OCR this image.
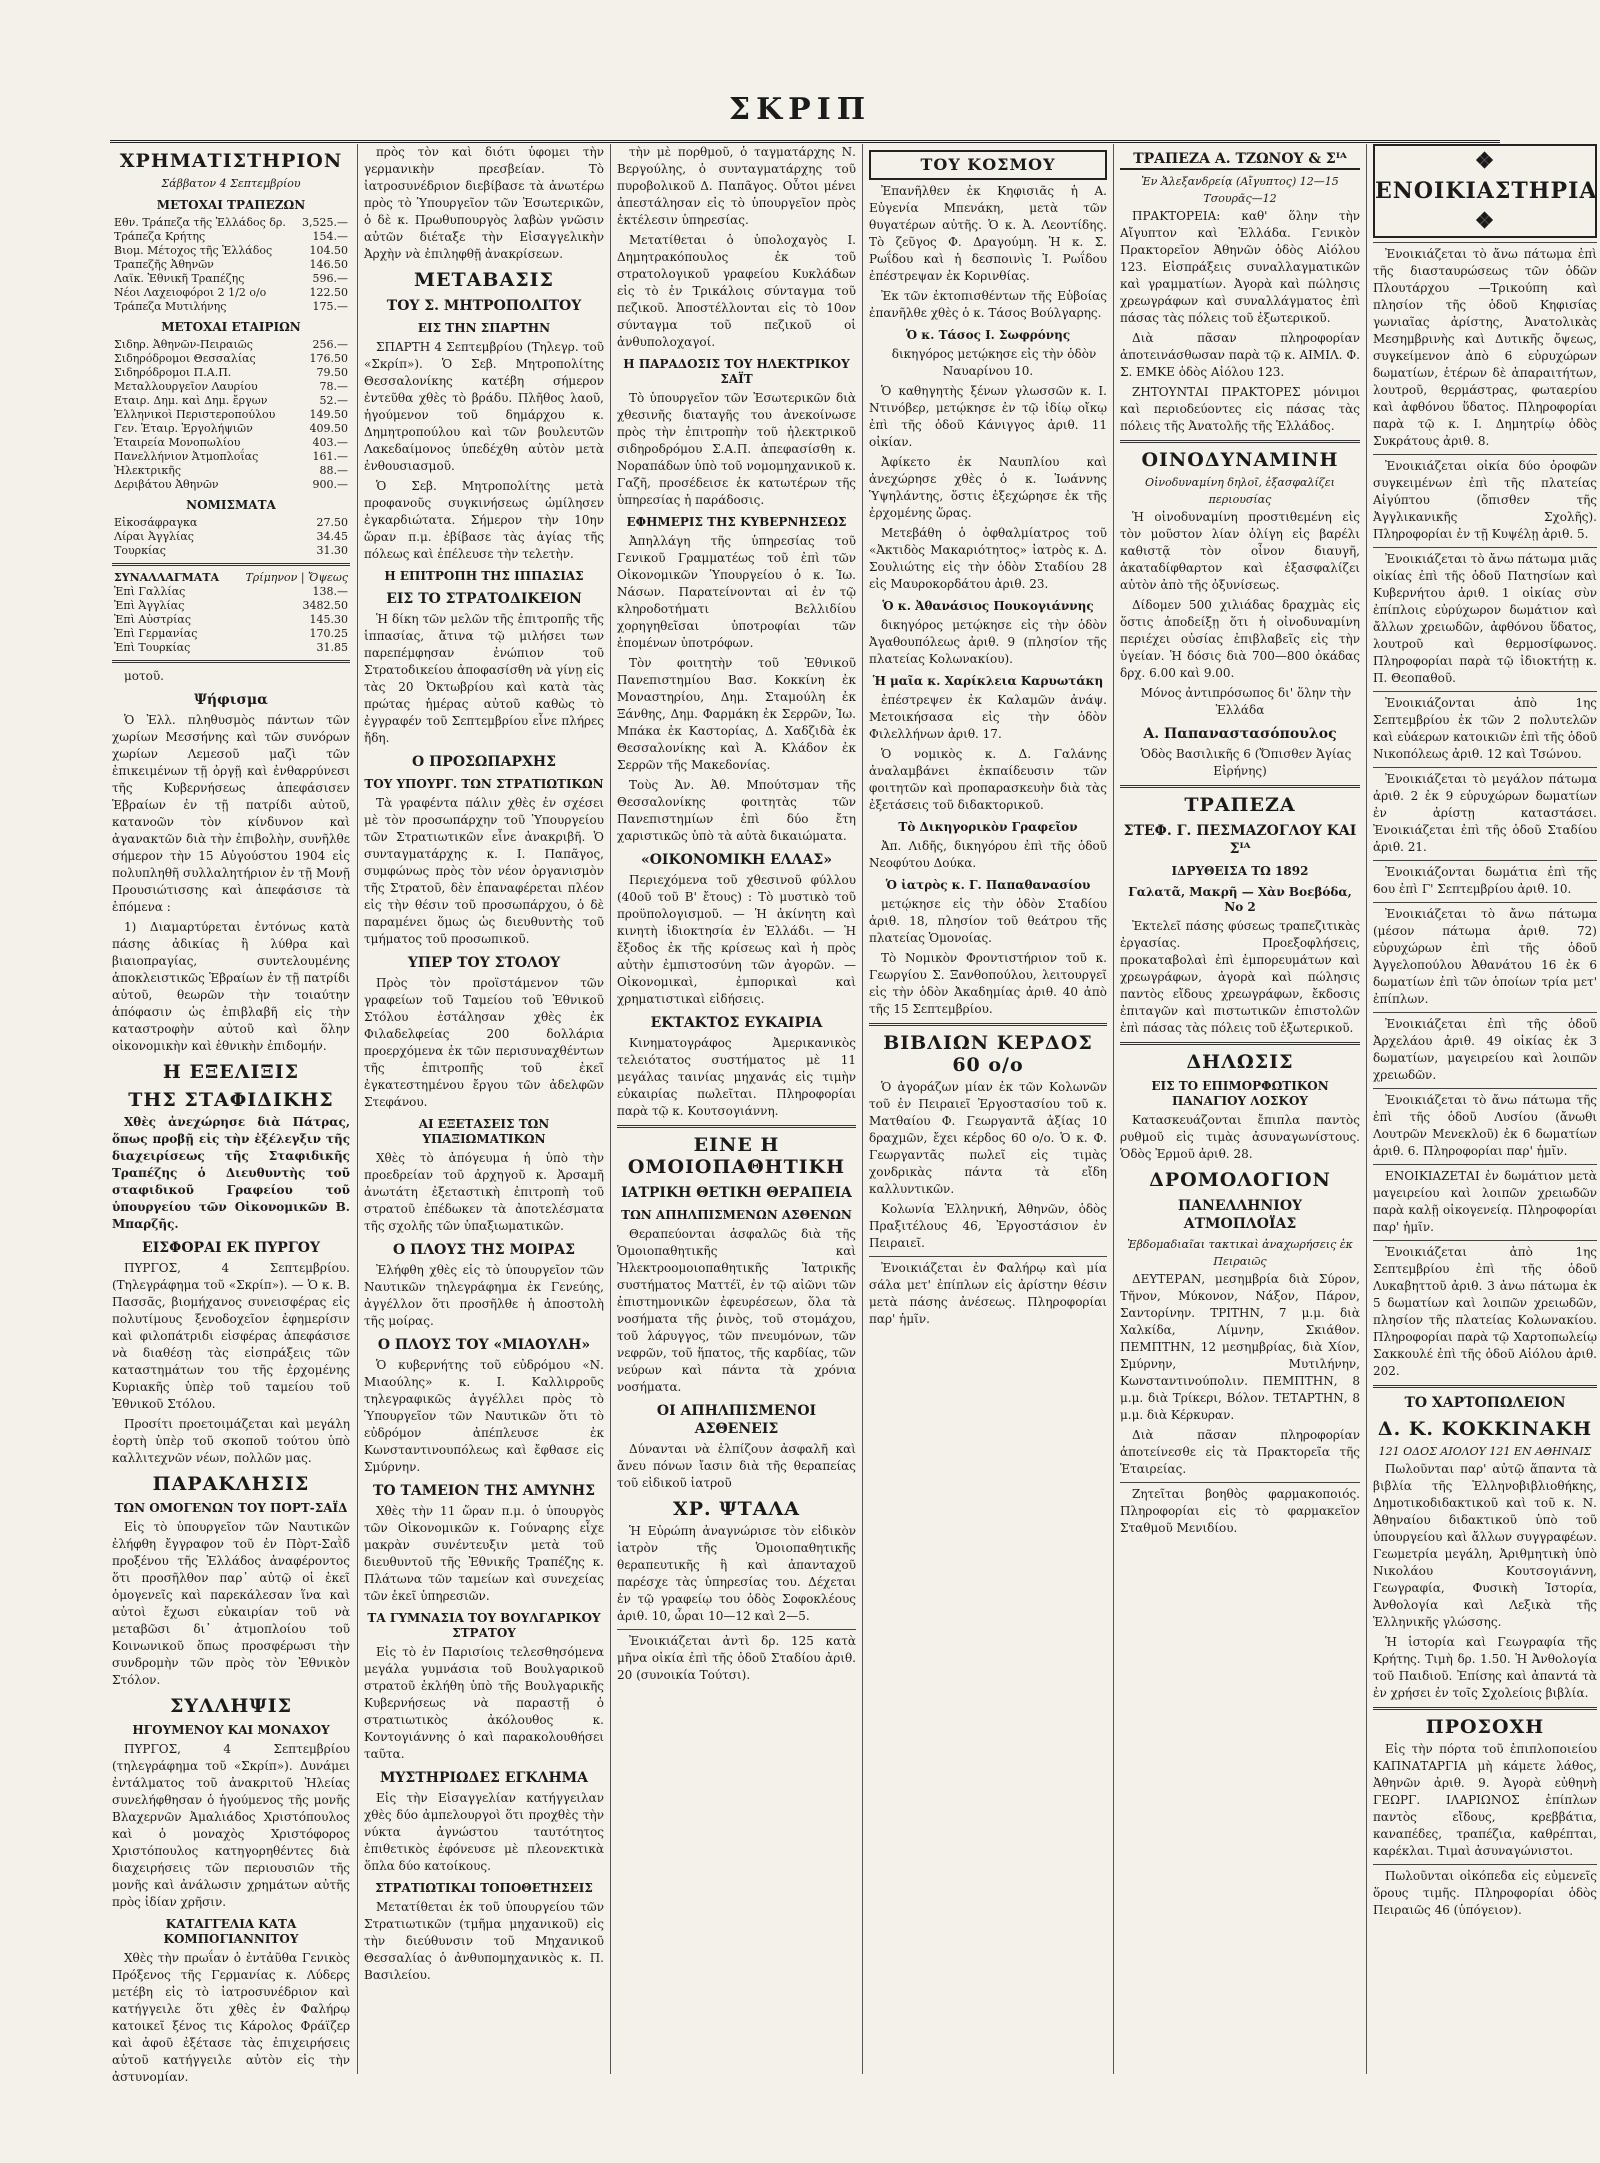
ΣΚΡΙΠ
ΧΡΗΜΑΤΙΣΤΗΡΙΟΝ
Σάββατον 4 Σεπτεμβρίου
ΜΕΤΟΧΑΙ ΤΡΑΠΕΖΩΝ
Εθν. Τράπεζα τῆς Ἑλλάδος δρ.	3,525.—
Τράπεζα Κρήτης	154.—
Βιομ. Μέτοχος τῆς Ἑλλάδος	104.50
Τραπεζῆς Ἀθηνῶν	146.50
Λαϊκ. Ἐθνικῆ Τραπέζης	596.—
Νέοι Λαχειοφόροι 2 1/2 ο/ο	122.50
Τράπεζα Μυτιλήνης	175.—
ΜΕΤΟΧΑΙ ΕΤΑΙΡΙΩΝ
Σιδηρ. Ἀθηνῶν-Πειραιῶς	256.—
Σιδηρόδρομοι Θεσσαλίας	176.50
Σιδηρόδρομοι Π.Α.Π.	79.50
Μεταλλουργεῖον Λαυρίου	78.—
Εταιρ. Δημ. καὶ Δημ. ἔργων	52.—
Ἑλληνικοὶ Περιστεροπούλου	149.50
Γεν. Ἑταιρ. Ἐργολήψιῶν	409.50
Ἑταιρεία Μονοπωλίου	403.—
Πανελλήνιον Ἀτμοπλοΐας	161.—
Ἠλεκτρικῆς	88.—
Δεριβάτου Ἀθηνῶν	900.—
ΝΟΜΙΣΜΑΤΑ
Εἰκοσάφραγκα	27.50
Λίραι Ἀγγλίας	34.45
Τουρκίας	31.30
ΣΥΝΑΛΛΑΓΜΑΤΑ	Τρίμηνον | Ὄψεως
Ἐπὶ Γαλλίας	138.—
Ἐπὶ Ἀγγλίας	3482.50
Ἐπὶ Αὐστρίας	145.30
Ἐπὶ Γερμανίας	170.25
Ἐπὶ Τουρκίας	31.85

μοτοῦ.

Ψήφισμα

Ὁ Ἐλλ. πληθυσμὸς πάντων τῶν χωρίων Μεσσήνης καὶ τῶν συνόρων χωρίων Λεμεσοῦ μαζὶ τῶν ἐπικειμένων τῇ ὀργῇ καὶ ἐνθαρρύνεσι τῆς Κυβερνήσεως ἀπεφάσισεν Ἑβραίων ἐν τῇ πατρίδι αὐτοῦ, κατανοῶν τὸν κίνδυνον καὶ ἀγανακτῶν διὰ τὴν ἐπιβολὴν, συνῆλθε σήμερον τὴν 15 Αὐγούστου 1904 εἰς πολυπληθῆ συλλαλητήριον ἐν τῇ Μονῇ Προυσιώτισσης καὶ ἀπεφάσισε τὰ ἑπόμενα :

1) Διαμαρτύρεται ἐντόνως κατὰ πάσης ἀδικίας ἢ λύθρα καὶ βιαιοπραγίας, συντελουμένης ἀποκλειστικῶς Ἑβραίων ἐν τῇ πατρίδι αὐτοῦ, θεωρῶν τὴν τοιαύτην ἀπόφασιν ὡς ἐπιβλαβῆ εἰς τὴν καταστροφὴν αὐτοῦ καὶ ὅλην οἰκονομικὴν καὶ ἐθνικὴν ἐπιδομήν.

Η ΕΞΕΛΙΞΙΣ
ΤΗΣ ΣΤΑΦΙΔΙΚΗΣ

Χθὲς ἀνεχώρησε διὰ Πάτρας, ὅπως προβῇ εἰς τὴν ἐξέλεγξιν τῆς διαχειρίσεως τῆς Σταφιδικῆς Τραπέζης ὁ Διευθυντὴς τοῦ σταφιδικοῦ Γραφείου τοῦ ὑπουργείου τῶν Οἰκονομικῶν Β. Μπαρζῆς.

ΕΙΣΦΟΡΑΙ ΕΚ ΠΥΡΓΟΥ

ΠΥΡΓΟΣ, 4 Σεπτεμβρίου. (Τηλεγράφημα τοῦ «Σκρίπ»). — Ὁ κ. Β. Πασσᾶς, βιομήχανος συνεισφέρας εἰς πολυτίμους ξενοδοχεῖον ἐφημερίσιν καὶ φιλοπάτριδι εἰσφέρας ἀπεφάσισε νὰ διαθέσῃ τὰς εἰσπράξεις τῶν καταστημάτων του τῆς ἐρχομένης Κυριακῆς ὑπὲρ τοῦ ταμείου τοῦ Ἐθνικοῦ Στόλου.

Προσίτι προετοιμάζεται καὶ μεγάλη ἐορτὴ ὑπὲρ τοῦ σκοποῦ τούτου ὑπὸ καλλιτεχνῶν νέων, πολλῶν μας.

ΠΑΡΑΚΛΗΣΙΣ
ΤΩΝ ΟΜΟΓΕΝΩΝ ΤΟΥ ΠΟΡΤ-ΣΑΪΔ

Εἰς τὸ ὑπουργεῖον τῶν Ναυτικῶν ἐλήφθη ἔγγραφον τοῦ ἐν Πὸρτ-Σαῒδ προξένου τῆς Ἑλλάδος ἀναφέροντος ὅτι προσῆλθον παρ᾽ αὐτῷ οἱ ἐκεῖ ὁμογενεῖς καὶ παρεκάλεσαν ἵνα καὶ αὐτοὶ ἔχωσι εὐκαιρίαν τοῦ νὰ μεταβῶσι δι᾽ ἀτμοπλοίου τοῦ Κοινωνικοῦ ὅπως προσφέρωσι τὴν συνδρομὴν τῶν πρὸς τὸν Ἐθνικὸν Στόλον.

ΣΥΛΛΗΨΙΣ
ΗΓΟΥΜΕΝΟΥ ΚΑΙ ΜΟΝΑΧΟΥ

ΠΥΡΓΟΣ, 4 Σεπτεμβρίου (τηλεγράφημα τοῦ «Σκρίπ»). Δυνάμει ἐντάλματος τοῦ ἀνακριτοῦ Ἠλείας συνελήφθησαν ὁ ἡγούμενος τῆς μονῆς Βλαχερνῶν Ἀμαλιάδος Χριστόπουλος καὶ ὁ μοναχὸς Χριστόφορος Χριστόπουλος κατηγορηθέντες διὰ διαχειρήσεις τῶν περιουσιῶν τῆς μονῆς καὶ ἀνάλωσιν χρημάτων αὐτῆς πρὸς ἰδίαν χρῆσιν.

ΚΑΤΑΓΓΕΛΙΑ ΚΑΤΑ ΚΟΜΠΟΓΙΑΝΝΙΤΟΥ

Χθὲς τὴν πρωΐαν ὁ ἐντἀῦθα Γενικὸς Πρόξενος τῆς Γερμανίας κ. Λύδερς μετέβη εἰς τὸ ἰατροσυνέδριον καὶ κατήγγειλε ὅτι χθὲς ἐν Φαλήρῳ κατοικεῖ ξένος τις Κάρολος Φράϊζερ καὶ ἀφοῦ ἐξέτασε τὰς ἐπιχειρήσεις αὐτοῦ κατήγγειλε αὐτὸν εἰς τὴν ἀστυνομίαν.

πρὸς τὸν καὶ διότι ὑφομει τὴν γερμανικὴν πρεσβείαν. Τὸ ἰατροσυνέδριον διεβίβασε τὰ ἀνωτέρω πρὸς τὸ Ὑπουργεῖον τῶν Ἐσωτερικῶν, ὁ δὲ κ. Πρωθυπουργὸς λαβὼν γνῶσιν αὐτῶν διέταξε τὴν Εἰσαγγελικὴν Ἀρχὴν νὰ ἐπιληφθῇ ἀνακρίσεων.

ΜΕΤΑΒΑΣΙΣ
ΤΟΥ Σ. ΜΗΤΡΟΠΟΛΙΤΟΥ
ΕΙΣ ΤΗΝ ΣΠΑΡΤΗΝ

ΣΠΑΡΤΗ 4 Σεπτεμβρίου (Τηλεγρ. τοῦ «Σκρίπ»). Ὁ Σεβ. Μητροπολίτης Θεσσαλονίκης κατέβη σήμερον ἐντεῦθα χθὲς τὸ βράδυ. Πλῆθος λαοῦ, ἡγούμενον τοῦ δημάρχου κ. Δημητροπούλου καὶ τῶν βουλευτῶν Λακεδαίμονος ὑπεδέχθη αὐτὸν μετὰ ἐνθουσιασμοῦ.

Ὁ Σεβ. Μητροπολίτης μετὰ προφανοῦς συγκινήσεως ὡμίλησεν ἐγκαρδιώτατα. Σήμερον τὴν 10ην ὥραν π.μ. ἐβίβασε τὰς ἁγίας τῆς πόλεως καὶ ἐπέλευσε τὴν τελετὴν.

Η ΕΠΙΤΡΟΠΗ ΤΗΣ ΙΠΠΑΣΙΑΣ
ΕΙΣ ΤΟ ΣΤΡΑΤΟΔΙΚΕΙΟΝ

Ἡ δίκη τῶν μελῶν τῆς ἐπιτροπῆς τῆς ἱππασίας, ἄτινα τῷ μιλήσει των παρεπέμφησαν ἐνώπιον τοῦ Στρατοδικείου ἀποφασίσθη νὰ γίνῃ εἰς τὰς 20 Ὀκτωβρίου καὶ κατὰ τὰς πρώτας ἡμέρας αὐτοῦ καθὼς τὸ ἐγγραφέν τοῦ Σεπτεμβρίου εἶνε πλήρες ἤδη.

Ο ΠΡΟΣΩΠΑΡΧΗΣ
ΤΟΥ ΥΠΟΥΡΓ. ΤΩΝ ΣΤΡΑΤΙΩΤΙΚΩΝ

Τὰ γραφέντα πάλιν χθὲς ἐν σχέσει μὲ τὸν προσωπάρχην τοῦ Ὑπουργείου τῶν Στρατιωτικῶν εἶνε ἀνακριβῆ. Ὁ συνταγματάρχης κ. Ι. Παπᾶγος, συμφώνως πρὸς τὸν νέον ὀργανισμὸν τῆς Στρατοῦ, δὲν ἐπαναφέρεται πλέον εἰς τὴν θέσιν τοῦ προσωπάρχου, ὁ δὲ παραμένει ὅμως ὡς διευθυντὴς τοῦ τμήματος τοῦ προσωπικοῦ.

ΥΠΕΡ ΤΟΥ ΣΤΟΛΟΥ

Πρὸς τὸν προϊστάμενον τῶν γραφείων τοῦ Ταμείου τοῦ Ἐθνικοῦ Στόλου ἐστάλησαν χθὲς ἐκ Φιλαδελφείας 200 δολλάρια προερχόμενα ἐκ τῶν περισυναχθέντων τῆς ἐπιτροπῆς τοῦ ἐκεῖ ἐγκατεστημένου ἔργου τῶν ἀδελφῶν Στεφάνου.

ΑΙ ΕΞΕΤΑΣΕΙΣ ΤΩΝ ΥΠΑΞΙΩΜΑΤΙΚΩΝ

Χθὲς τὸ ἀπόγευμα ἡ ὑπὸ τὴν προεδρείαν τοῦ ἀρχηγοῦ κ. Ἀρσαμῆ ἀνωτάτη ἐξεταστικὴ ἐπιτροπὴ τοῦ στρατοῦ ἐπέδωκεν τὰ ἀποτελέσματα τῆς σχολῆς τῶν ὑπαξιωματικῶν.

Ο ΠΛΟΥΣ ΤΗΣ ΜΟΙΡΑΣ

Ἐλήφθη χθὲς εἰς τὸ ὑπουργεῖον τῶν Ναυτικῶν τηλεγράφημα ἐκ Γενεύης, ἀγγέλλον ὅτι προσῆλθε ἡ ἀποστολὴ τῆς μοίρας.

Ο ΠΛΟΥΣ ΤΟΥ «ΜΙΑΟΥΛΗ»

Ὁ κυβερνήτης τοῦ εὐδρόμου «Ν. Μιαούλης» κ. Ι. Καλλιρροῦς τηλεγραφικῶς ἀγγέλλει πρὸς τὸ Ὑπουργεῖον τῶν Ναυτικῶν ὅτι τὸ εὐδρόμον ἀπέπλευσε ἐκ Κωνσταντινουπόλεως καὶ ἔφθασε εἰς Σμύρνην.

ΤΟ ΤΑΜΕΙΟΝ ΤΗΣ ΑΜΥΝΗΣ

Χθὲς τὴν 11 ὥραν π.μ. ὁ ὑπουργὸς τῶν Οἰκονομικῶν κ. Γούναρης εἶχε μακρὰν συνέντευξιν μετὰ τοῦ διευθυντοῦ τῆς Ἐθνικῆς Τραπέζης κ. Πλάτωνα τῶν ταμείων καὶ συνεχείας τῶν ἐκεῖ ὑπηρεσιῶν.

ΤΑ ΓΥΜΝΑΣΙΑ ΤΟΥ ΒΟΥΛΓΑΡΙΚΟΥ ΣΤΡΑΤΟΥ

Εἰς τὸ ἐν Παρισίοις τελεσθησόμενα μεγάλα γυμνάσια τοῦ Βουλγαρικοῦ στρατοῦ ἐκλήθη ὑπὸ τῆς Βουλγαρικῆς Κυβερνήσεως νὰ παραστῇ ὁ στρατιωτικὸς ἀκόλουθος κ. Κοντογιάννης ὁ καὶ παρακολουθήσει ταῦτα.

ΜΥΣΤΗΡΙΩΔΕΣ ΕΓΚΛΗΜΑ

Εἰς τὴν Εἰσαγγελίαν κατήγγειλαν χθὲς δύο ἀμπελουργοὶ ὅτι προχθὲς τὴν νύκτα ἀγνώστου ταυτότητος ἐπιθετικὸς ἐφόνευσε μὲ πλεονεκτικὰ ὅπλα δύο κατοίκους.

ΣΤΡΑΤΙΩΤΙΚΑΙ ΤΟΠΟΘΕΤΗΣΕΙΣ

Μετατίθεται ἐκ τοῦ ὑπουργείου τῶν Στρατιωτικῶν (τμῆμα μηχανικοῦ) εἰς τὴν διεύθυνσιν τοῦ Μηχανικοῦ Θεσσαλίας ὁ ἀνθυπομηχανικὸς κ. Π. Βασιλείου.

τὴν μὲ πορθμοῦ, ὁ ταγματάρχης Ν. Βεργούλης, ὁ συνταγματάρχης τοῦ πυροβολικοῦ Δ. Παπᾶγος. Οὗτοι μένει ἀπεστάλησαν εἰς τὸ ὑπουργεῖον πρὸς ἐκτέλεσιν ὑπηρεσίας.

Μετατίθεται ὁ ὑπολοχαγὸς Ι. Δημητρακόπουλος ἐκ τοῦ στρατολογικοῦ γραφείου Κυκλάδων εἰς τὸ ἐν Τρικάλοις σύνταγμα τοῦ πεζικοῦ. Ἀποστέλλονται εἰς τὸ 10ον σύνταγμα τοῦ πεζικοῦ οἱ ἀνθυπολοχαγοί.

Η ΠΑΡΑΔΟΣΙΣ ΤΟΥ ΗΛΕΚΤΡΙΚΟΥ ΣΑΪΤ

Τὸ ὑπουργεῖον τῶν Ἐσωτερικῶν διὰ χθεσινῆς διαταγῆς του ἀνεκοίνωσε πρὸς τὴν ἐπιτροπὴν τοῦ ἠλεκτρικοῦ σιδηροδρόμου Σ.Α.Π. ἀπεφασίσθη κ. Νοραπάδων ὑπὸ τοῦ νομομηχανικοῦ κ. Γαζῆ, προσέδεισε ἐκ κατωτέρων τῆς ὑπηρεσίας ἡ παράδοσις.

ΕΦΗΜΕΡΙΣ ΤΗΣ ΚΥΒΕΡΝΗΣΕΩΣ

Ἀπηλλάγη τῆς ὑπηρεσίας τοῦ Γενικοῦ Γραμματέως τοῦ ἐπὶ τῶν Οἰκονομικῶν Ὑπουργείου ὁ κ. Ἰω. Νάσων. Παρατείνονται αἱ ἐν τῷ κληροδοτήματι Βελλιδίου χορηγηθεῖσαι ὑποτροφίαι τῶν ἑπομένων ὑποτρόφων.

Τὸν φοιτητὴν τοῦ Ἐθνικοῦ Πανεπιστημίου Βασ. Κοκκίνη ἐκ Μοναστηρίου, Δημ. Σταμούλη ἐκ Ξάνθης, Δημ. Φαρμάκη ἐκ Σερρῶν, Ἰω. Μπάκα ἐκ Καστορίας, Δ. Χαδζιδὰ ἐκ Θεσσαλονίκης καὶ Ἀ. Κλάδον ἐκ Σερρῶν τῆς Μακεδονίας.

Τοὺς Ἀν. Ἀθ. Μπούτσμαν τῆς Θεσσαλονίκης φοιτητὰς τῶν Πανεπιστημίων ἐπὶ δύο ἔτη χαριστικῶς ὑπὸ τὰ αὐτὰ δικαιώματα.

«ΟΙΚΟΝΟΜΙΚΗ ΕΛΛΑΣ»

Περιεχόμενα τοῦ χθεσινοῦ φύλλου (40οῦ τοῦ Β' ἔτους) : Τὸ μυστικὸ τοῦ προϋπολογισμοῦ. — Ἡ ἀκίνητη καὶ κινητὴ ἰδιοκτησία ἐν Ἑλλάδι. — Ἡ ἔξοδος ἐκ τῆς κρίσεως καὶ ἡ πρὸς αὐτὴν ἐμπιστοσύνη τῶν ἀγορῶν. — Οἰκονομικαὶ, ἐμπορικαὶ καὶ χρηματιστικαὶ εἰδήσεις.

ΕΚΤΑΚΤΟΣ ΕΥΚΑΙΡΙΑ

Κινηματογράφος Ἀμερικανικὸς τελειότατος συστήματος μὲ 11 μεγάλας ταινίας μηχανάς εἰς τιμὴν εὐκαιρίας πωλεῖται. Πληροφορίαι παρὰ τῷ κ. Κουτσογιάννη.

ΕΙΝΕ Η ΟΜΟΙΟΠΑΘΗΤΙΚΗ
ΙΑΤΡΙΚΗ ΘΕΤΙΚΗ ΘΕΡΑΠΕΙΑ
ΤΩΝ ΑΠΗΛΠΙΣΜΕΝΩΝ ΑΣΘΕΝΩΝ

Θεραπεύονται ἀσφαλῶς διὰ τῆς Ὁμοιοπαθητικῆς καὶ Ἠλεκτροομοιοπαθητικῆς Ἰατρικῆς συστήματος Ματτέϊ, ἐν τῷ αἰῶνι τῶν ἐπιστημονικῶν ἐφευρέσεων, ὅλα τὰ νοσήματα τῆς ῥινὸς, τοῦ στομάχου, τοῦ λάρυγγος, τῶν πνευμόνων, τῶν νεφρῶν, τοῦ ἥπατος, τῆς καρδίας, τῶν νεύρων καὶ πάντα τὰ χρόνια νοσήματα.

ΟΙ ΑΠΗΛΠΙΣΜΕΝΟΙ ΑΣΘΕΝΕΙΣ

Δύνανται νὰ ἐλπίζουν ἀσφαλῆ καὶ ἄνευ πόνων ἴασιν διὰ τῆς θεραπείας τοῦ εἰδικοῦ ἰατροῦ

ΧΡ. ΨΤΑΛΑ

Ἡ Εὐρώπη ἀναγνώρισε τὸν εἰδικὸν ἰατρὸν τῆς Ὁμοιοπαθητικῆς θεραπευτικῆς ἣ καὶ ἀπανταχοῦ παρέσχε τὰς ὑπηρεσίας του. Δέχεται ἐν τῷ γραφείῳ του ὁδὸς Σοφοκλέους ἀριθ. 10, ὧραι 10—12 καὶ 2—5.

Ἐνοικιάζεται ἀντὶ δρ. 125 κατὰ μῆνα οἰκία ἐπὶ τῆς ὁδοῦ Σταδίου ἀριθ. 20 (συνοικία Τούτσι).

ΤΟΥ ΚΟΣΜΟΥ

Ἐπανῆλθεν ἐκ Κηφισιᾶς ἡ Α. Εὐγενία Μπενάκη, μετὰ τῶν θυγατέρων αὐτῆς. Ὁ κ. Ἀ. Λεοντίδης. Τὸ ζεῦγος Φ. Δραγούμη. Ἡ κ. Σ. Ρωΐδου καὶ ἡ δεσποινὶς Ἰ. Ρωΐδου ἐπέστρεψαν ἐκ Κορινθίας.

Ἐκ τῶν ἐκτοπισθέντων τῆς Εὐβοίας ἐπανῆλθε χθὲς ὁ κ. Τάσος Βούλγαρης.

Ὁ κ. Τάσος Ι. Σωφρόνης

δικηγόρος μετῴκησε εἰς τὴν ὁδὸν Ναυαρίνου 10.

Ὁ καθηγητὴς ξένων γλωσσῶν κ. Ι. Ντινόβερ, μετῴκησε ἐν τῷ ἰδίῳ οἴκῳ ἐπὶ τῆς ὁδοῦ Κάνιγγος ἀριθ. 11 οἰκίαν.

Ἀφίκετο ἐκ Ναυπλίου καὶ ἀνεχώρησε χθὲς ὁ κ. Ἰωάννης Ὑψηλάντης, ὅστις ἐξεχώρησε ἐκ τῆς ἐρχομένης ὥρας.

Μετεβάθη ὁ ὀφθαλμίατρος τοῦ «Ἀκτιδὸς Μακαριότητος» ἰατρὸς κ. Δ. Σουλιώτης εἰς τὴν ὁδὸν Σταδίου 28 εἰς Μαυροκορδάτου ἀριθ. 23.

Ὁ κ. Ἀθανάσιος Πουκογιάννης

δικηγόρος μετῴκησε εἰς τὴν ὁδὸν Ἀγαθουπόλεως ἀριθ. 9 (πλησίον τῆς πλατείας Κολωνακίου).

Ἡ μαῖα κ. Χαρίκλεια Καρυωτάκη

ἐπέστρεψεν ἐκ Καλαμῶν ἀνάψ. Μετοικήσασα εἰς τὴν ὁδὸν Φιλελλήνων ἀριθ. 17.

Ὁ νομικὸς κ. Δ. Γαλάνης ἀναλαμβάνει ἐκπαίδευσιν τῶν φοιτητῶν καὶ προπαρασκευὴν διὰ τὰς ἐξετάσεις τοῦ διδακτορικοῦ.

Τὸ Δικηγορικὸν Γραφεῖον

Ἀπ. Λιδῆς, δικηγόρου ἐπὶ τῆς ὁδοῦ Νεοφύτου Δούκα.

Ὁ ἰατρὸς κ. Γ. Παπαθανασίου

μετῴκησε εἰς τὴν ὁδὸν Σταδίου ἀριθ. 18, πλησίον τοῦ θεάτρου τῆς πλατείας Ὁμονοίας.

Τὸ Νομικὸν Φροντιστήριον τοῦ κ. Γεωργίου Σ. Ξανθοπούλου, λειτουργεῖ εἰς τὴν ὁδὸν Ἀκαδημίας ἀριθ. 40 ἀπὸ τῆς 15 Σεπτεμβρίου.

ΒΙΒΛΙΩΝ ΚΕΡΔΟΣ 60 ο/ο

Ὁ ἀγοράζων μίαν ἐκ τῶν Κολωνῶν τοῦ ἐν Πειραιεῖ Ἐργοστασίου τοῦ κ. Ματθαίου Φ. Γεωργαντᾶ ἀξίας 10 δραχμῶν, ἔχει κέρδος 60 ο/ο. Ὁ κ. Φ. Γεωργαντᾶς πωλεῖ εἰς τιμὰς χονδρικὰς πάντα τὰ εἴδη καλλυντικῶν.

Κολωνία Ἑλληνική, Ἀθηνῶν, ὁδὸς Πραξιτέλους 46, Ἐργοστάσιον ἐν Πειραιεῖ.

Ἐνοικιάζεται ἐν Φαλήρῳ καὶ μία σάλα μετ' ἐπίπλων εἰς ἀρίστην θέσιν μετὰ πάσης ἀνέσεως. Πληροφορίαι παρ' ἡμῖν.

ΤΡΑΠΕΖΑ Α. ΤΖΩΝΟΥ & Σᴵᴬ
Ἐν Ἀλεξανδρείᾳ (Αἴγυπτος) 12—15 Τσουρᾶς—12

ΠΡΑΚΤΟΡΕΙΑ: καθ' ὅλην τὴν Αἴγυπτον καὶ Ἑλλάδα. Γενικὸν Πρακτορεῖον Ἀθηνῶν ὁδὸς Αἰόλου 123. Εἰσπράξεις συναλλαγματικῶν καὶ γραμματίων. Ἀγορὰ καὶ πώλησις χρεωγράφων καὶ συναλλάγματος ἐπὶ πάσας τὰς πόλεις τοῦ ἐξωτερικοῦ.

Διὰ πᾶσαν πληροφορίαν ἀποτεινάσθωσαν παρὰ τῷ κ. ΑΙΜΙΛ. Φ. Σ. ΕΜΚΕ ὁδὸς Αἰόλου 123.

ΖΗΤΟΥΝΤΑΙ ΠΡΑΚΤΟΡΕΣ μόνιμοι καὶ περιοδεύοντες εἰς πάσας τὰς πόλεις τῆς Ἀνατολῆς τῆς Ἑλλάδος.

ΟΙΝΟΔΥΝΑΜΙΝΗ
Οἰνοδυναμίνη δηλοῖ, ἐξασφαλίζει περιουσίας

Ἡ οἰνοδυναμίνη προστιθεμένη εἰς τὸν μοῦστον λίαν ὀλίγη εἰς βαρέλι καθιστᾷ τὸν οἶνον διαυγῆ, ἀκαταδίφθαρτον καὶ ἐξασφαλίζει αὐτὸν ἀπὸ τῆς ὀξυνίσεως.

Δίδομεν 500 χιλιάδας δραχμὰς εἰς ὅστις ἀποδείξῃ ὅτι ἡ οἰνοδυναμίνη περιέχει οὐσίας ἐπιβλαβεῖς εἰς τὴν ὑγείαν. Ἡ δόσις διὰ 700—800 ὀκάδας δρχ. 6.00 καὶ 9.00.

Μόνος ἀντιπρόσωπος δι' ὅλην τὴν Ἑλλάδα

Α. Παπαναστασόπουλος

Ὁδὸς Βασιλικῆς 6 (Ὄπισθεν Ἁγίας Εἰρήνης)

ΤΡΑΠΕΖΑ
ΣΤΕΦ. Γ. ΠΕΣΜΑΖΟΓΛΟΥ ΚΑΙ Σᴵᴬ
ΙΔΡΥΘΕΙΣΑ ΤΩ 1892
Γαλατᾶ, Μακρῆ — Χὰν Βοεβόδα, Νο 2

Ἐκτελεῖ πάσης φύσεως τραπεζιτικὰς ἐργασίας. Προεξοφλήσεις, προκαταβολαὶ ἐπὶ ἐμπορευμάτων καὶ χρεωγράφων, ἀγορὰ καὶ πώλησις παντὸς εἴδους χρεωγράφων, ἔκδοσις ἐπιταγῶν καὶ πιστωτικῶν ἐπιστολῶν ἐπὶ πάσας τὰς πόλεις τοῦ ἐξωτερικοῦ.

ΔΗΛΩΣΙΣ
ΕΙΣ ΤΟ ΕΠΙΜΟΡΦΩΤΙΚΟΝ ΠΑΝΑΓΙΟΥ ΛΟΣΚΟΥ

Κατασκευάζονται ἔπιπλα παντὸς ρυθμοῦ εἰς τιμὰς ἀσυναγωνίστους. Ὁδὸς Ἐρμοῦ ἀριθ. 28.

ΔΡΟΜΟΛΟΓΙΟΝ
ΠΑΝΕΛΛΗΝΙΟΥ ΑΤΜΟΠΛΟΪΑΣ
Ἐβδομαδιαῖαι τακτικαὶ ἀναχωρήσεις ἐκ Πειραιῶς

ΔΕΥΤΕΡΑΝ, μεσημβρία διὰ Σύρον, Τῆνον, Μύκονον, Νάξον, Πάρον, Σαντορίνην. ΤΡΙΤΗΝ, 7 μ.μ. διὰ Χαλκίδα, Λίμνην, Σκιάθον. ΠΕΜΠΤΗΝ, 12 μεσημβρίας, διὰ Χίον, Σμύρνην, Μυτιλήνην, Κωνσταντινούπολιν. ΠΕΜΠΤΗΝ, 8 μ.μ. διὰ Τρίκερι, Βόλον. ΤΕΤΑΡΤΗΝ, 8 μ.μ. διὰ Κέρκυραν.

Διὰ πᾶσαν πληροφορίαν ἀποτείνεσθε εἰς τὰ Πρακτορεῖα τῆς Ἑταιρείας.

Ζητεῖται βοηθὸς φαρμακοποιός. Πληροφορίαι εἰς τὸ φαρμακεῖον Σταθμοῦ Μενιδίου.

❖ ΕΝΟΙΚΙΑΣΤΗΡΙΑ ❖

Ἐνοικιάζεται τὸ ἄνω πάτωμα ἐπὶ τῆς διασταυρώσεως τῶν ὁδῶν Πλουτάρχου —Τρικούπη καὶ πλησίον τῆς ὁδοῦ Κηφισίας γωνιαῖας ἀρίστης, Ἀνατολικὰς Μεσημβρινὴς καὶ Δυτικῆς ὄψεως, συγκείμενον ἀπὸ 6 εὐρυχώρων δωματίων, ἑτέρων δὲ ἀπαραιτήτων, λουτροῦ, θερμάστρας, φωταερίου καὶ ἀφθόνου ὕδατος. Πληροφορίαι παρὰ τῷ κ. Ι. Δημητρίῳ ὁδὸς Συκράτους ἀριθ. 8.

Ἐνοικιάζεται οἰκία δύο ὀροφῶν συγκειμένων ἐπὶ τῆς πλατείας Αἰγύπτου (ὄπισθεν τῆς Ἀγγλικανικῆς Σχολῆς). Πληροφορίαι ἐν τῇ Κυψέλῃ ἀριθ. 5.

Ἐνοικιάζεται τὸ ἄνω πάτωμα μιᾶς οἰκίας ἐπὶ τῆς ὁδοῦ Πατησίων καὶ Κυβερνήτου ἀριθ. 1 οἰκίας σὺν ἐπίπλοις εὐρύχωρον δωμάτιον καὶ ἄλλων χρειωδῶν, ἀφθόνου ὕδατος, λουτροῦ καὶ θερμοσίφωνος. Πληροφορίαι παρὰ τῷ ἰδιοκτήτῃ κ. Π. Θεοπαθοῦ.

Ἐνοικιάζονται ἀπὸ 1ης Σεπτεμβρίου ἐκ τῶν 2 πολυτελῶν καὶ εὐάερων κατοικιῶν ἐπὶ τῆς ὁδοῦ Νικοπόλεως ἀριθ. 12 καὶ Τσώνου.

Ἐνοικιάζεται τὸ μεγάλον πάτωμα ἀριθ. 2 ἐκ 9 εὐρυχώρων δωματίων ἐν ἀρίστῃ καταστάσει. Ἐνοικιάζεται ἐπὶ τῆς ὁδοῦ Σταδίου ἀριθ. 21.

Ἐνοικιάζονται δωμάτια ἐπὶ τῆς 6ου ἐπὶ Γ' Σεπτεμβρίου ἀριθ. 10.

Ἐνοικιάζεται τὸ ἄνω πάτωμα (μέσον πάτωμα ἀριθ. 72) εὐρυχώρων ἐπὶ τῆς ὁδοῦ Ἀγγελοπούλου Ἀθανάτου 16 ἐκ 6 δωματίων ἐπὶ τῶν ὁποίων τρία μετ' ἐπίπλων.

Ἐνοικιάζεται ἐπὶ τῆς ὁδοῦ Ἀρχελάου ἀριθ. 49 οἰκίας ἐκ 3 δωματίων, μαγειρείου καὶ λοιπῶν χρειωδῶν.

Ἐνοικιάζεται τὸ ἄνω πάτωμα τῆς ἐπὶ τῆς ὁδοῦ Λυσίου (ἄνωθι Λουτρῶν Μενεκλοῦ) ἐκ 6 δωματίων ἀριθ. 6. Πληροφορίαι παρ' ἡμῖν.

ΕΝΟΙΚΙΑΖΕΤΑΙ ἐν δωμάτιον μετὰ μαγειρείου καὶ λοιπῶν χρειωδῶν παρὰ καλῇ οἰκογενείᾳ. Πληροφορίαι παρ' ἡμῖν.

Ἐνοικιάζεται ἀπὸ 1ης Σεπτεμβρίου ἐπὶ τῆς ὁδοῦ Λυκαβηττοῦ ἀριθ. 3 ἀνω πάτωμα ἐκ 5 δωματίων καὶ λοιπῶν χρειωδῶν, πλησίον τῆς πλατείας Κολωνακίου. Πληροφορίαι παρὰ τῷ Χαρτοπωλείῳ Σακκουλέ ἐπὶ τῆς ὁδοῦ Αἰόλου ἀριθ. 202.

ΤΟ ΧΑΡΤΟΠΩΛΕΙΟΝ
Δ. Κ. ΚΟΚΚΙΝΑΚΗ
121 ΟΔΟΣ ΑΙΟΛΟΥ 121 ΕΝ ΑΘΗΝΑΙΣ

Πωλοῦνται παρ' αὐτῷ ἅπαντα τὰ βιβλία τῆς Ἑλληνοβιβλιοθήκης, Δημοτικοδιδακτικοῦ καὶ τοῦ κ. Ν. Ἀθηναίου διδακτικοῦ ὑπὸ τοῦ ὑπουργείου καὶ ἄλλων συγγραφέων. Γεωμετρία μεγάλη, Ἀριθμητικὴ ὑπὸ Νικολάου Κουτσογιάννη, Γεωγραφία, Φυσικὴ Ἱστορία, Ἀνθολογία καὶ Λεξικὰ τῆς Ἑλληνικῆς γλώσσης.

Ἡ ἱστορία καὶ Γεωγραφία τῆς Κρήτης. Τιμὴ δρ. 1.50. Ἡ Ἀνθολογία τοῦ Παιδιοῦ. Ἐπίσης καὶ ἀπαντά τὰ ἐν χρήσει ἐν τοῖς Σχολείοις βιβλία.

ΠΡΟΣΟΧΗ

Εἰς τὴν πόρτα τοῦ ἐπιπλοποιείου ΚΑΠΝΑΤΑΡΓΙΑ μὴ κάμετε λάθος, Ἀθηνῶν ἀριθ. 9. Ἀγορὰ εὐθηνὴ ΓΕΩΡΓ. ΙΛΑΡΙΩΝΟΣ ἐπίπλων παντὸς εἴδους, κρεββάτια, καναπέδες, τραπέζια, καθρέπται, καρέκλαι. Τιμαὶ ἀσυναγώνιστοι.

Πωλοῦνται οἰκόπεδα εἰς εὐμενεῖς ὅρους τιμῆς. Πληροφορίαι ὁδὸς Πειραιῶς 46 (ὑπόγειον).
